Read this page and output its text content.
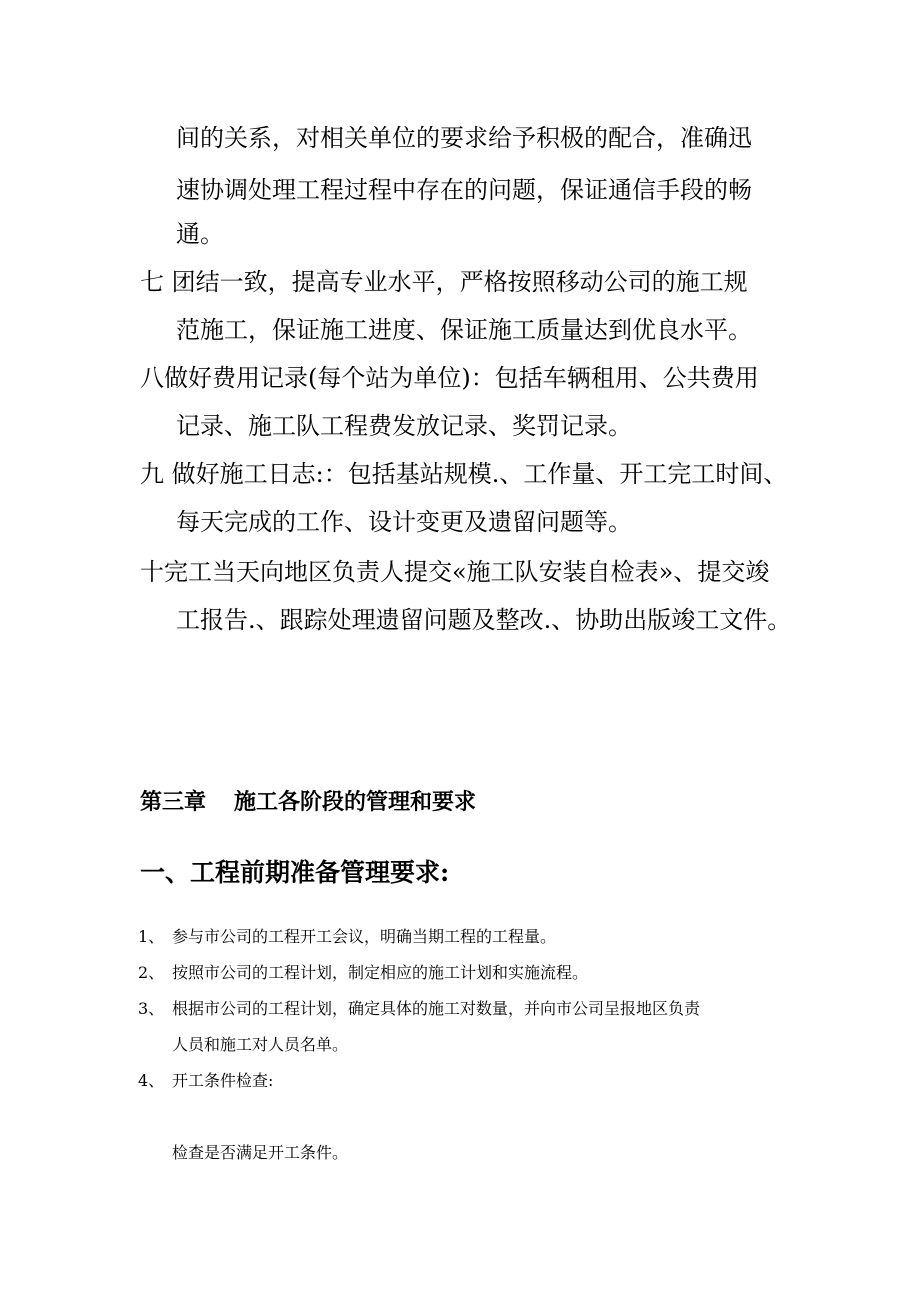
间的关系，对相关单位的要求给予积极的配合，准确迅
速协调处理工程过程中存在的问题，保证通信手段的畅
通。
七 团结一致，提高专业水平，严格按照移动公司的施工规
范施工，保证施工进度、保证施工质量达到优良水平。
八做好费用记录(每个站为单位)：包括车辆租用、公共费用
记录、施工队工程费发放记录、奖罚记录。
九 做好施工日志:：包括基站规模.、工作量、开工完工时间、
每天完成的工作、设计变更及遗留问题等。
十完工当天向地区负责人提交«施工队安装自检表»、提交竣
工报告.、跟踪处理遗留问题及整改.、协助出版竣工文件。
第三章 施工各阶段的管理和要求
一、工程前期准备管理要求:
1、 参与市公司的工程开工会议，明确当期工程的工程量。
2、 按照市公司的工程计划，制定相应的施工计划和实施流程。
3、 根据市公司的工程计划，确定具体的施工对数量，并向市公司呈报地区负责
人员和施工对人员名单。
4、 开工条件检查:
检查是否满足开工条件。
